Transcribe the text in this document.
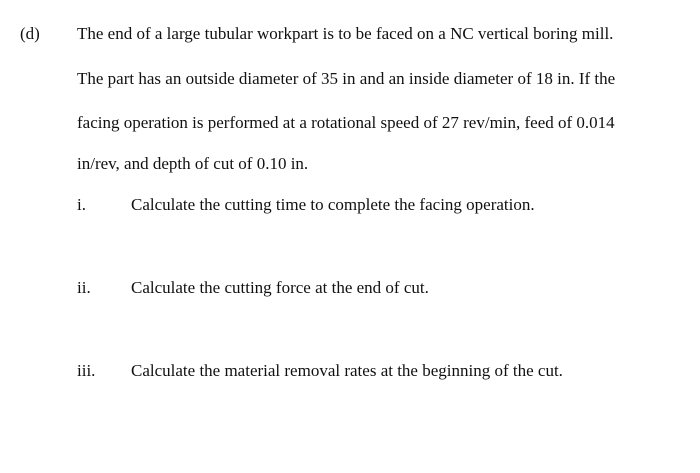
(d) The end of a large tubular workpart is to be faced on a NC vertical boring mill.
The part has an outside diameter of 35 in and an inside diameter of 18 in. If the
facing operation is performed at a rotational speed of 27 rev/min, feed of 0.014
in/rev, and depth of cut of 0.10 in.
i.	Calculate the cutting time to complete the facing operation.
ii. Calculate the cutting force at the end of cut.
iii. Calculate the material removal rates at the beginning of the cut.
